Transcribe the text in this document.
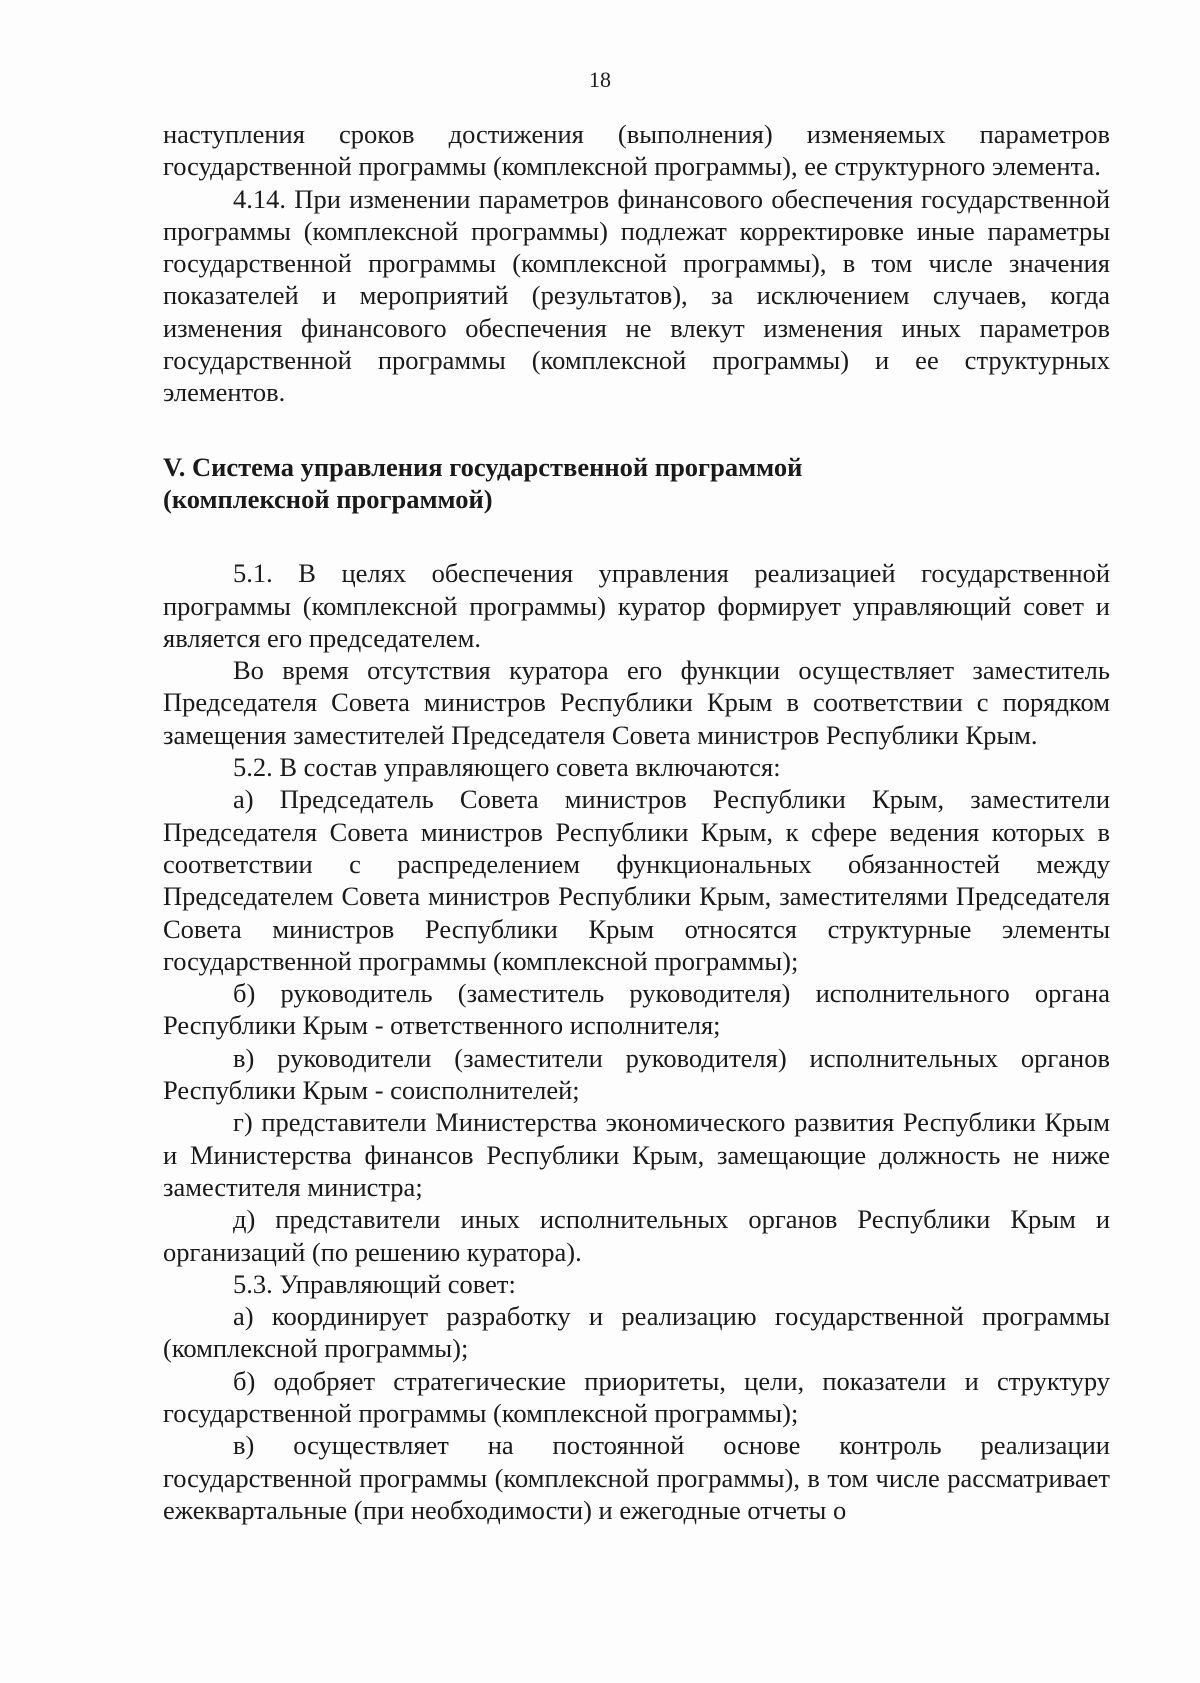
18

наступления сроков достижения (выполнения) изменяемых параметров государственной программы (комплексной программы), ее структурного элемента.

4.14. При изменении параметров финансового обеспечения государственной программы (комплексной программы) подлежат корректировке иные параметры государственной программы (комплексной программы), в том числе значения показателей и мероприятий (результатов), за исключением случаев, когда изменения финансового обеспечения не влекут изменения иных параметров государственной программы (комплексной программы) и ее структурных элементов.

V. Система управления государственной программой

(комплексной программой)

5.1. В целях обеспечения управления реализацией государственной программы (комплексной программы) куратор формирует управляющий совет и является его председателем.

Во время отсутствия куратора его функции осуществляет заместитель Председателя Совета министров Республики Крым в соответствии с порядком замещения заместителей Председателя Совета министров Республики Крым.

5.2. В состав управляющего совета включаются:

а) Председатель Совета министров Республики Крым, заместители Председателя Совета министров Республики Крым, к сфере ведения которых в соответствии с распределением функциональных обязанностей между Председателем Совета министров Республики Крым, заместителями Председателя Совета министров Республики Крым относятся структурные элементы государственной программы (комплексной программы);

б) руководитель (заместитель руководителя) исполнительного органа Республики Крым - ответственного исполнителя;

в) руководители (заместители руководителя) исполнительных органов Республики Крым - соисполнителей;

г) представители Министерства экономического развития Республики Крым и Министерства финансов Республики Крым, замещающие должность не ниже заместителя министра;

д) представители иных исполнительных органов Республики Крым и организаций (по решению куратора).

5.3. Управляющий совет:

а) координирует разработку и реализацию государственной программы (комплексной программы);

б) одобряет стратегические приоритеты, цели, показатели и структуру государственной программы (комплексной программы);

в) осуществляет на постоянной основе контроль реализации государственной программы (комплексной программы), в том числе рассматривает ежеквартальные (при необходимости) и ежегодные отчеты о
